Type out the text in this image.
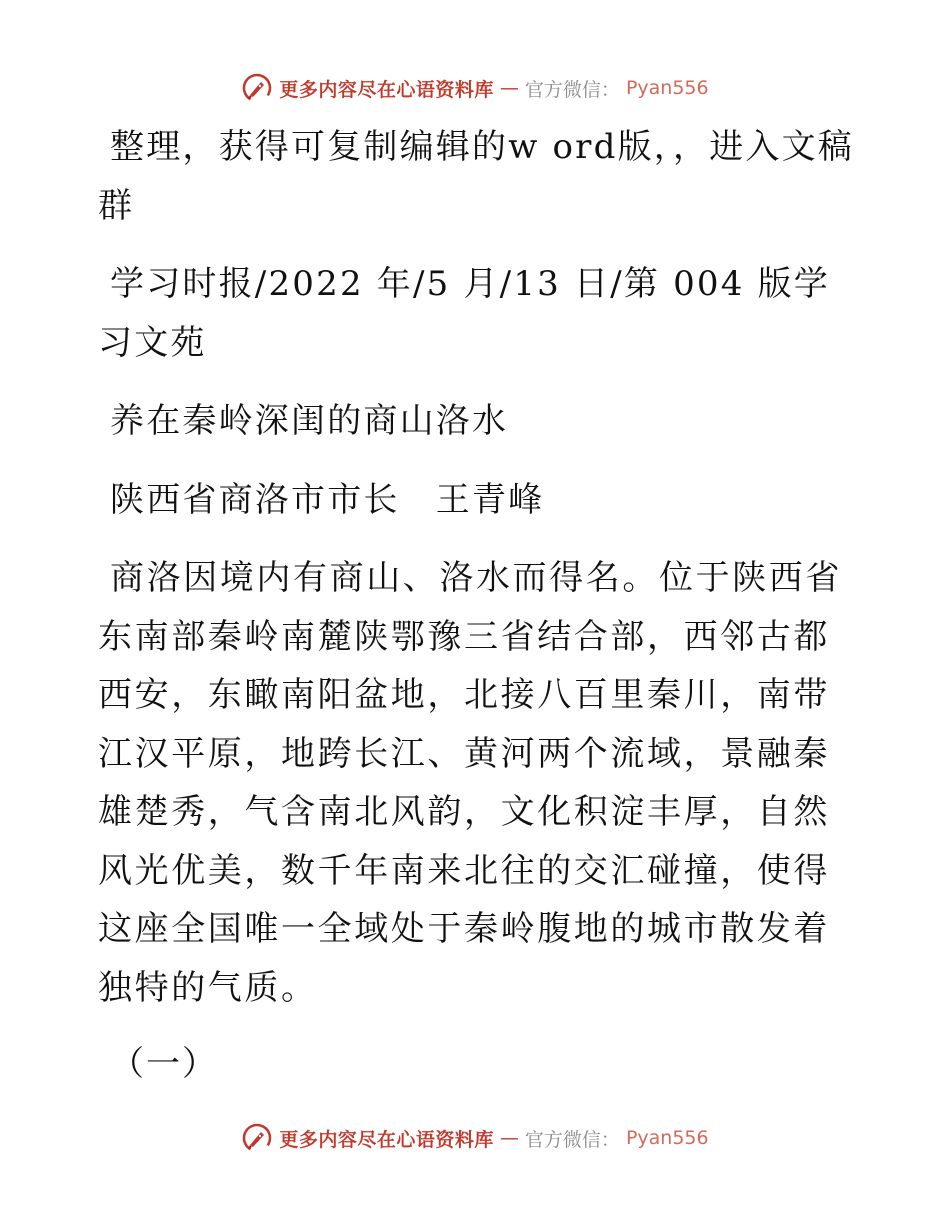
更多内容尽在心语资料库 — 官方微信： Pyan556

整理，获得可复制编辑的w ord版，，进入文稿群

学习时报/2022 年/5 月/13 日/第 004 版学习文苑

养在秦岭深闺的商山洛水

陕西省商洛市市长　王青峰

商洛因境内有商山、洛水而得名。位于陕西省东南部秦岭南麓陕鄂豫三省结合部，西邻古都西安，东瞰南阳盆地，北接八百里秦川，南带江汉平原，地跨长江、黄河两个流域，景融秦雄楚秀，气含南北风韵，文化积淀丰厚，自然风光优美，数千年南来北往的交汇碰撞，使得这座全国唯一全域处于秦岭腹地的城市散发着独特的气质。

（一）

更多内容尽在心语资料库 — 官方微信： Pyan556
